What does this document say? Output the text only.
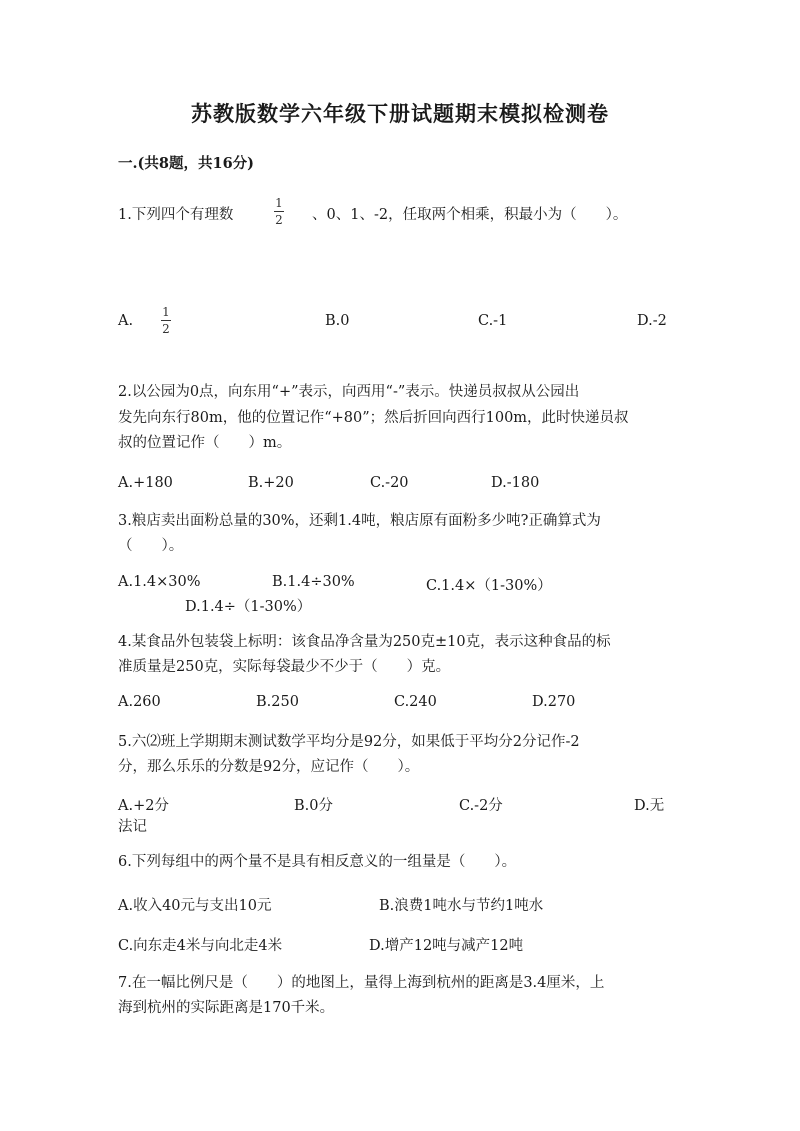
苏教版数学六年级下册试题期末模拟检测卷
一.(共8题，共16分)
1.下列四个有理数
1
2 、0、1、-2，任取两个相乘，积最小为（　　）。
A.
1
2	B.0	C.-1	D.-2
2.以公园为0点，向东用“+”表示，向西用“-”表示。快递员叔叔从公园出
发先向东行80m，他的位置记作“+80”；然后折回向西行100m，此时快递员叔
叔的位置记作（　　）m。
A.+180	B.+20	C.-20	D.-180
3.粮店卖出面粉总量的30%，还剩1.4吨，粮店原有面粉多少吨?正确算式为
（　　）。
A.1.4×30%	B.1.4÷30%	C.1.4×（1-30%）
D.1.4÷（1-30%）
4.某食品外包装袋上标明：该食品净含量为250克±10克，表示这种食品的标
准质量是250克，实际每袋最少不少于（　　）克。
A.260	B.250	C.240	D.270
5.六⑵班上学期期末测试数学平均分是92分，如果低于平均分2分记作-2
分，那么乐乐的分数是92分，应记作（　　）。
A.+2分	B.0分	C.-2分	D.无
法记
6.下列每组中的两个量不是具有相反意义的一组量是（　　）。
A.收入40元与支出10元	B.浪费1吨水与节约1吨水
C.向东走4米与向北走4米	D.增产12吨与减产12吨
7.在一幅比例尺是（　　）的地图上，量得上海到杭州的距离是3.4厘米，上
海到杭州的实际距离是170千米。
